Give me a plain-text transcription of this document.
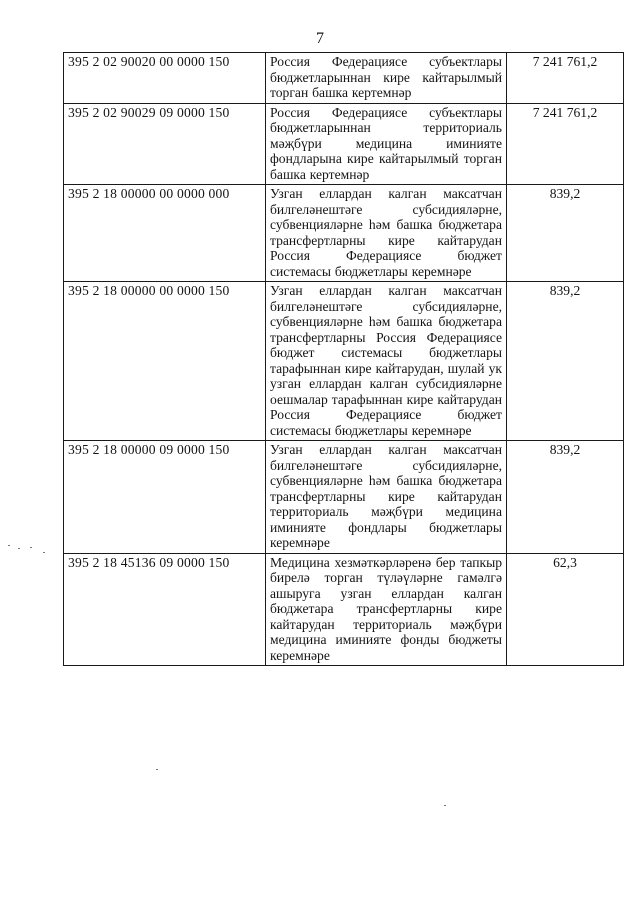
7
395 2 02 90020 00 0000 150	Россия Федерациясе субъектлары бюджетларыннан кире кайтарылмый торган башка кертемнәр	7 241 761,2
395 2 02 90029 09 0000 150	Россия Федерациясе субъектлары бюджетларыннан территориаль мәҗбүри медицина иминияте фондларына кире кайтарылмый торган башка кертемнәр	7 241 761,2
395 2 18 00000 00 0000 000	Узган еллардан калган максатчан билгеләнештәге субсидияләрне, субвенцияләрне һәм башка бюджетара трансфертларны кире кайтарудан Россия Федерациясе бюджет системасы бюджетлары керемнәре	839,2
395 2 18 00000 00 0000 150	Узган еллардан калган максатчан билгеләнештәге субсидияләрне, субвенцияләрне һәм башка бюджетара трансфертларны Россия Федерациясе бюджет системасы бюджетлары тарафыннан кире кайтарудан, шулай ук узган еллардан калган субсидияләрне оешмалар тарафыннан кире кайтарудан Россия Федерациясе бюджет системасы бюджетлары керемнәре	839,2
395 2 18 00000 09 0000 150	Узган еллардан калган максатчан билгеләнештәге субсидияләрне, субвенцияләрне һәм башка бюджетара трансфертларны кире кайтарудан территориаль мәҗбүри медицина иминияте фондлары бюджетлары керемнәре	839,2
395 2 18 45136 09 0000 150	Медицина хезмәткәрләренә бер тапкыр бирелә торган түләүләрне гамәлгә ашыруга узган еллардан калган бюджетара трансфертларны кире кайтарудан территориаль мәҗбүри медицина иминияте фонды бюджеты керемнәре	62,3
